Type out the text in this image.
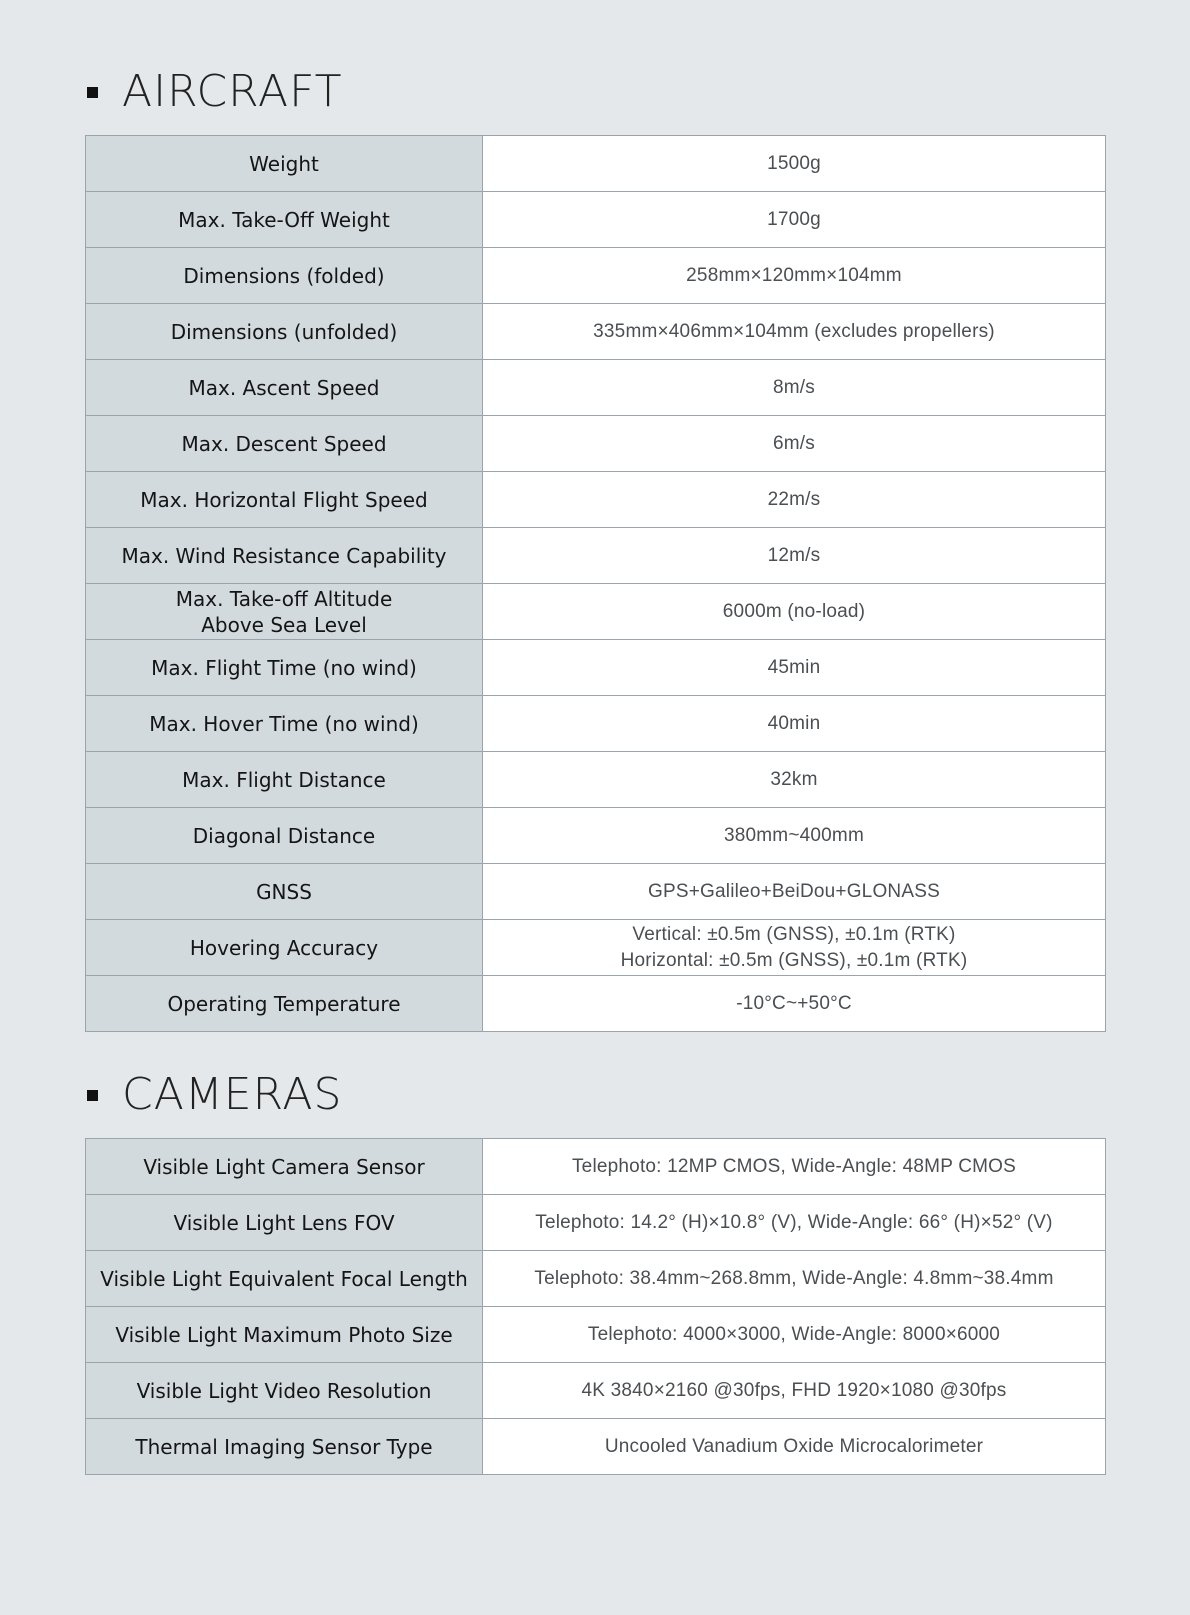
AIRCRAFT
Weight	1500g

Max. Take-Off Weight	1700g

Dimensions (folded)	258mm×120mm×104mm

Dimensions (unfolded)	335mm×406mm×104mm (excludes propellers)

Max. Ascent Speed	8m/s

Max. Descent Speed	6m/s

Max. Horizontal Flight Speed	22m/s

Max. Wind Resistance Capability	12m/s

Max. Take-off Altitude
Above Sea Level	6000m (no-load)

Max. Flight Time (no wind)	45min

Max. Hover Time (no wind)	40min

Max. Flight Distance	32km

Diagonal Distance	380mm~400mm

GNSS	GPS+Galileo+BeiDou+GLONASS

Hovering Accuracy	Vertical: ±0.5m (GNSS), ±0.1m (RTK)
Horizontal: ±0.5m (GNSS), ±0.1m (RTK)

Operating Temperature	-10°C~+50°C
CAMERAS
Visible Light Camera Sensor	Telephoto: 12MP CMOS, Wide-Angle: 48MP CMOS

Visible Light Lens FOV	Telephoto: 14.2° (H)×10.8° (V), Wide-Angle: 66° (H)×52° (V)

Visible Light Equivalent Focal Length	Telephoto: 38.4mm~268.8mm, Wide-Angle: 4.8mm~38.4mm

Visible Light Maximum Photo Size	Telephoto: 4000×3000, Wide-Angle: 8000×6000

Visible Light Video Resolution	4K 3840×2160 @30fps, FHD 1920×1080 @30fps

Thermal Imaging Sensor Type	Uncooled Vanadium Oxide Microcalorimeter
